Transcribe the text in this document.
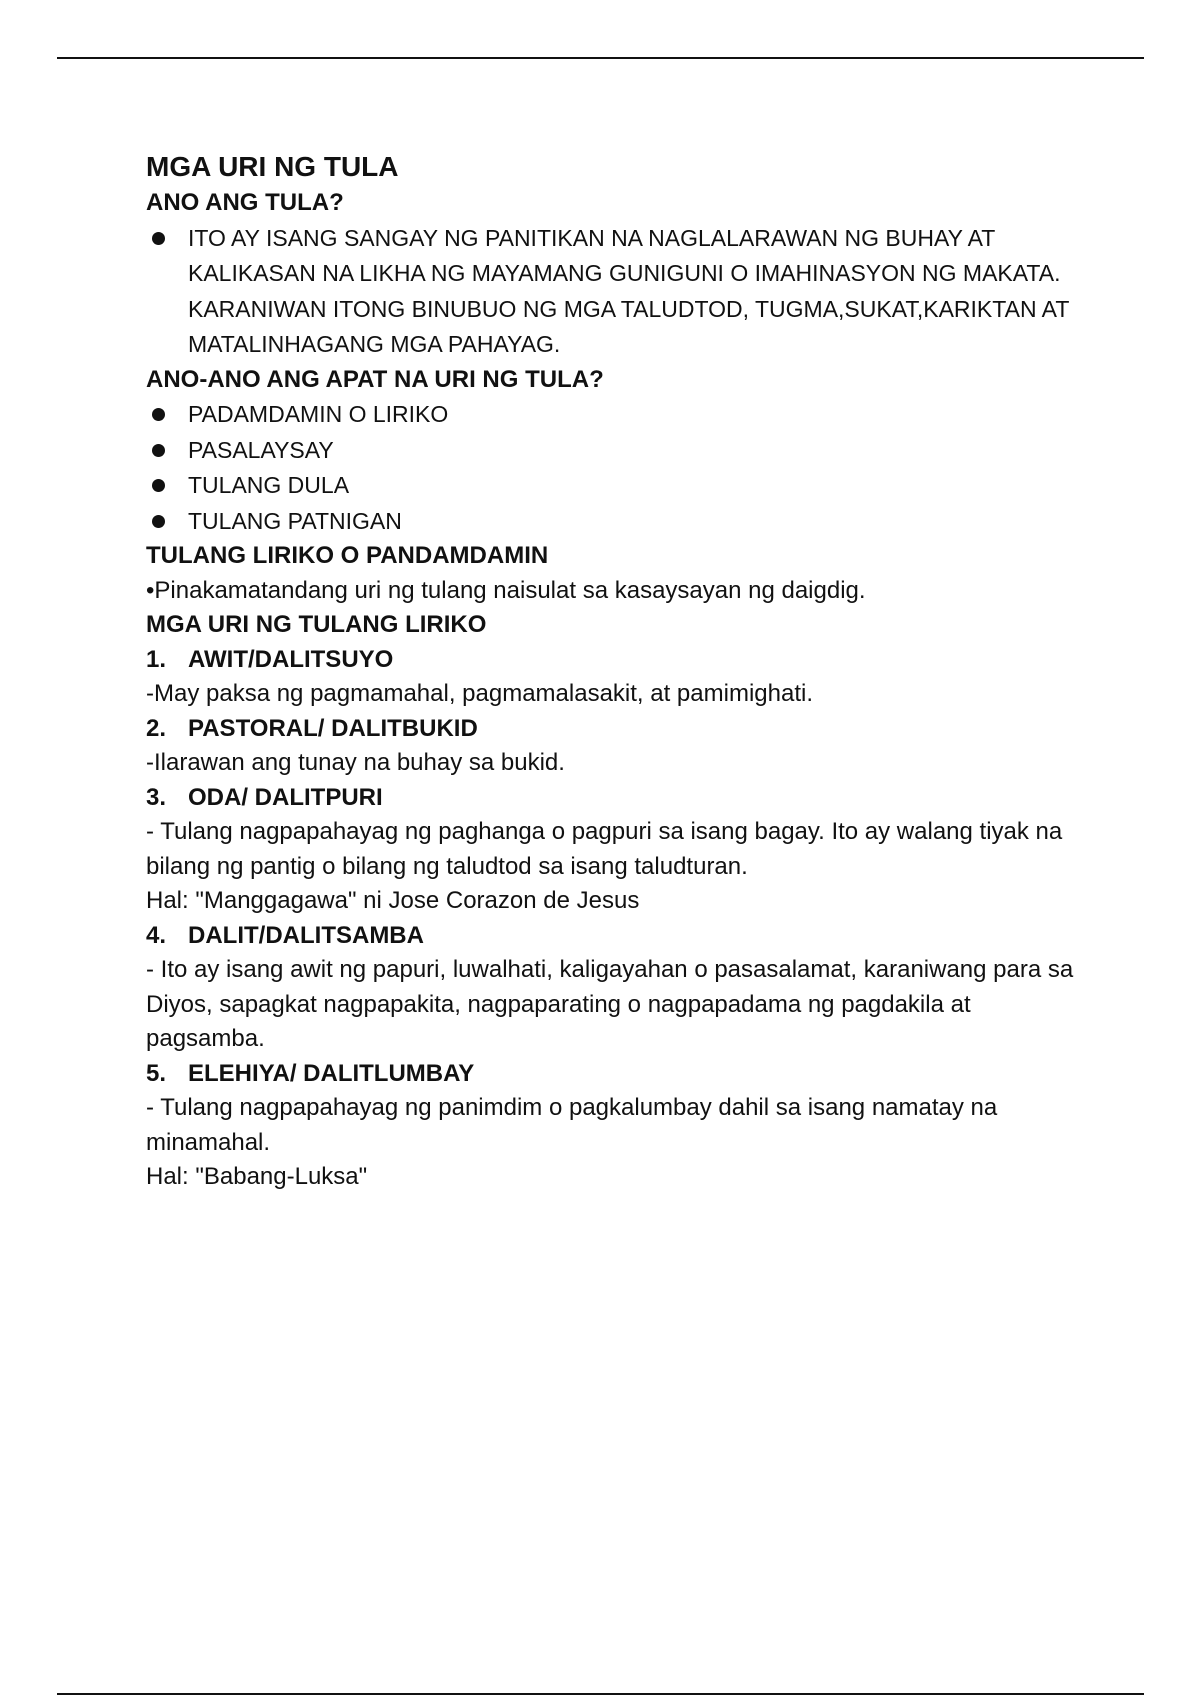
MGA URI NG TULA

ANO ANG TULA?

ITO AY ISANG SANGAY NG PANITIKAN NA NAGLALARAWAN NG BUHAY AT KALIKASAN NA LIKHA NG MAYAMANG GUNIGUNI O IMAHINASYON NG MAKATA. KARANIWAN ITONG BINUBUO NG MGA TALUDTOD, TUGMA,SUKAT,KARIKTAN AT MATALINHAGANG MGA PAHAYAG.

ANO-ANO ANG APAT NA URI NG TULA?

PADAMDAMIN O LIRIKO
PASALAYSAY
TULANG DULA
TULANG PATNIGAN

TULANG LIRIKO O PANDAMDAMIN

•Pinakamatandang uri ng tulang naisulat sa kasaysayan ng daigdig.

MGA URI NG TULANG LIRIKO

1. AWIT/DALITSUYO

-May paksa ng pagmamahal, pagmamalasakit, at pamimighati.

2. PASTORAL/ DALITBUKID

-Ilarawan ang tunay na buhay sa bukid.

3. ODA/ DALITPURI

- Tulang nagpapahayag ng paghanga o pagpuri sa isang bagay. Ito ay walang tiyak na bilang ng pantig o bilang ng taludtod sa isang taludturan.

Hal: "Manggagawa" ni Jose Corazon de Jesus

4. DALIT/DALITSAMBA

- Ito ay isang awit ng papuri, luwalhati, kaligayahan o pasasalamat, karaniwang para sa Diyos, sapagkat nagpapakita, nagpaparating o nagpapadama ng pagdakila at pagsamba.

5. ELEHIYA/ DALITLUMBAY

- Tulang nagpapahayag ng panimdim o pagkalumbay dahil sa isang namatay na minamahal.

Hal: "Babang-Luksa"
